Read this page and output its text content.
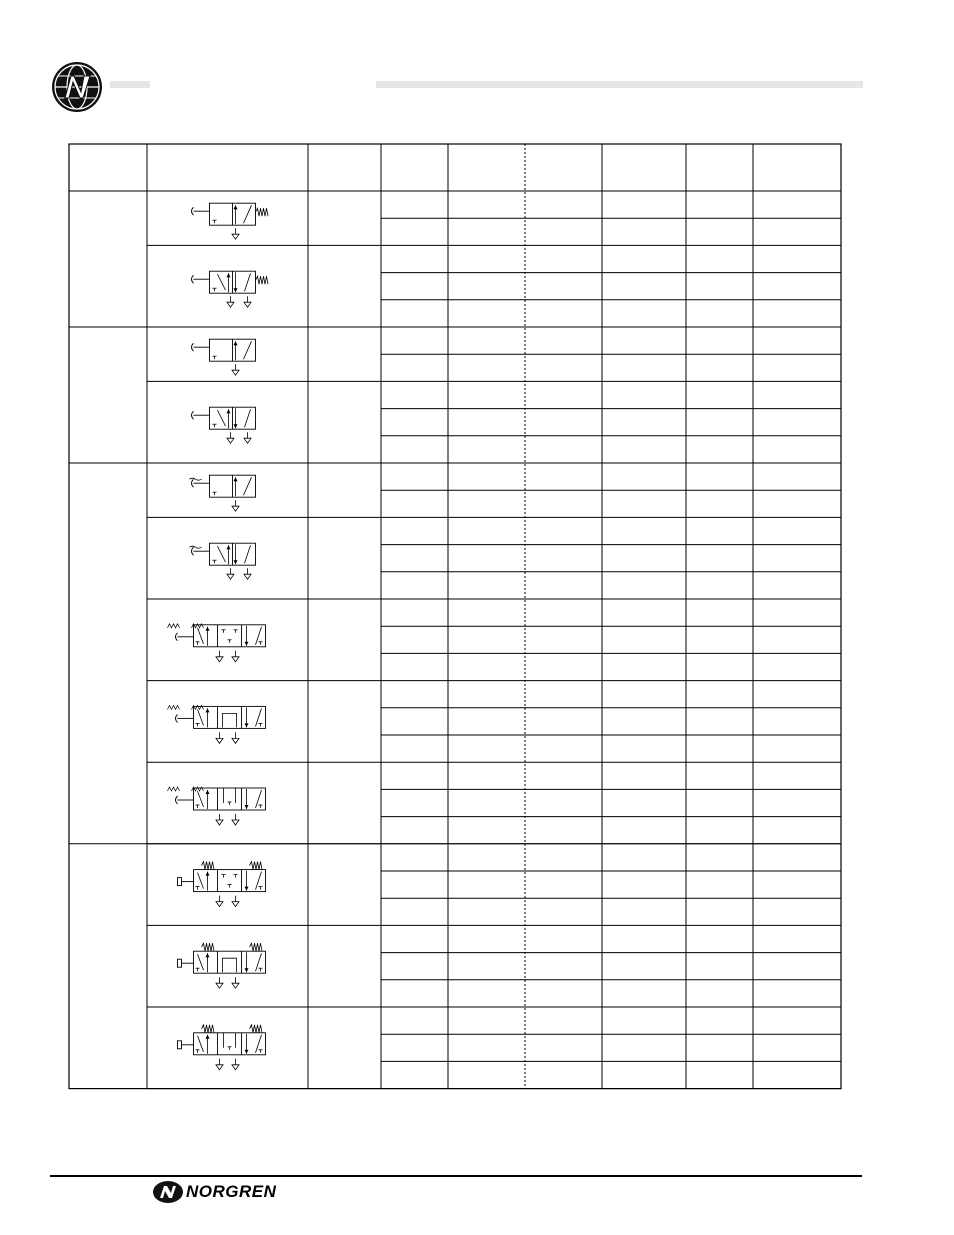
NORGREN
